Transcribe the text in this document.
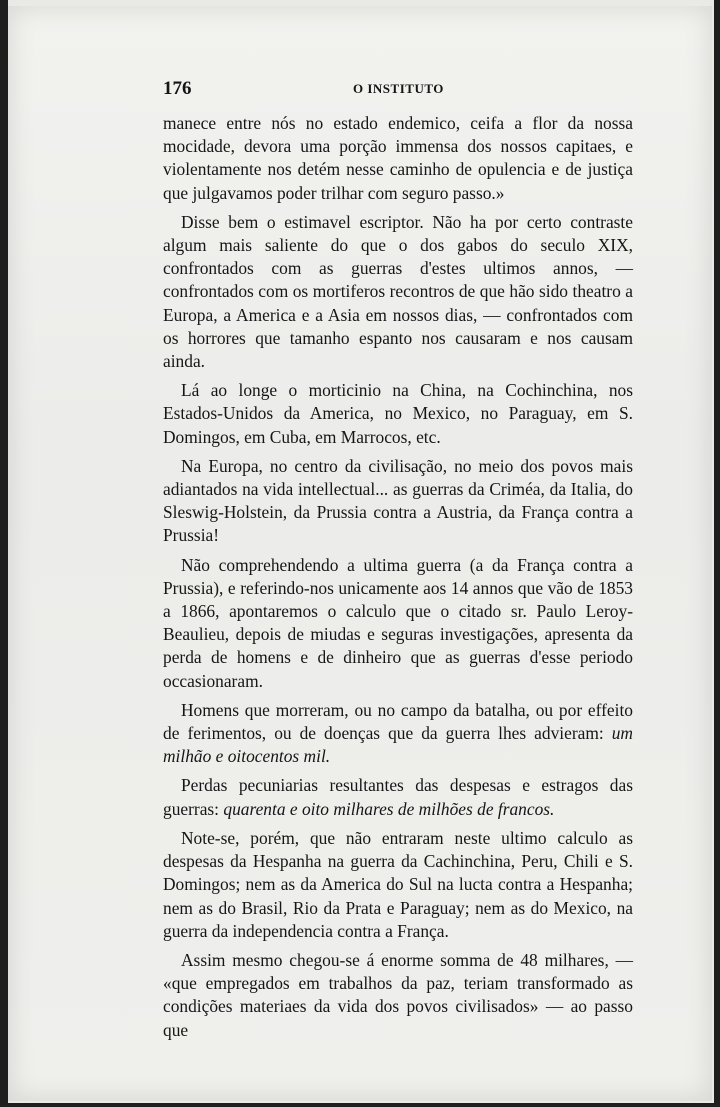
176	O INSTITUTO

manece entre nós no estado endemico, ceifa a flor da nossa mocidade, devora uma porção immensa dos nossos capitaes, e violentamente nos detém nesse caminho de opulencia e de justiça que julgavamos poder trilhar com seguro passo.»

Disse bem o estimavel escriptor. Não ha por certo contraste algum mais saliente do que o dos gabos do seculo XIX, confrontados com as guerras d'estes ultimos annos, — confrontados com os mortiferos recontros de que hão sido theatro a Europa, a America e a Asia em nossos dias, — confrontados com os horrores que tamanho espanto nos causaram e nos causam ainda.

Lá ao longe o morticinio na China, na Cochinchina, nos Estados-Unidos da America, no Mexico, no Paraguay, em S. Domingos, em Cuba, em Marrocos, etc.

Na Europa, no centro da civilisação, no meio dos povos mais adiantados na vida intellectual... as guerras da Criméa, da Italia, do Sleswig-Holstein, da Prussia contra a Austria, da França contra a Prussia!

Não comprehendendo a ultima guerra (a da França contra a Prussia), e referindo-nos unicamente aos 14 annos que vão de 1853 a 1866, apontaremos o calculo que o citado sr. Paulo Leroy-Beaulieu, depois de miudas e seguras investigações, apresenta da perda de homens e de dinheiro que as guerras d'esse periodo occasionaram.

Homens que morreram, ou no campo da batalha, ou por effeito de ferimentos, ou de doenças que da guerra lhes advieram: um milhão e oitocentos mil.

Perdas pecuniarias resultantes das despesas e estragos das guerras: quarenta e oito milhares de milhões de francos.

Note-se, porém, que não entraram neste ultimo calculo as despesas da Hespanha na guerra da Cachinchina, Peru, Chili e S. Domingos; nem as da America do Sul na lucta contra a Hespanha; nem as do Brasil, Rio da Prata e Paraguay; nem as do Mexico, na guerra da independencia contra a França.

Assim mesmo chegou-se á enorme somma de 48 milhares, — «que empregados em trabalhos da paz, teriam transformado as condições materiaes da vida dos povos civilisados» — ao passo que
